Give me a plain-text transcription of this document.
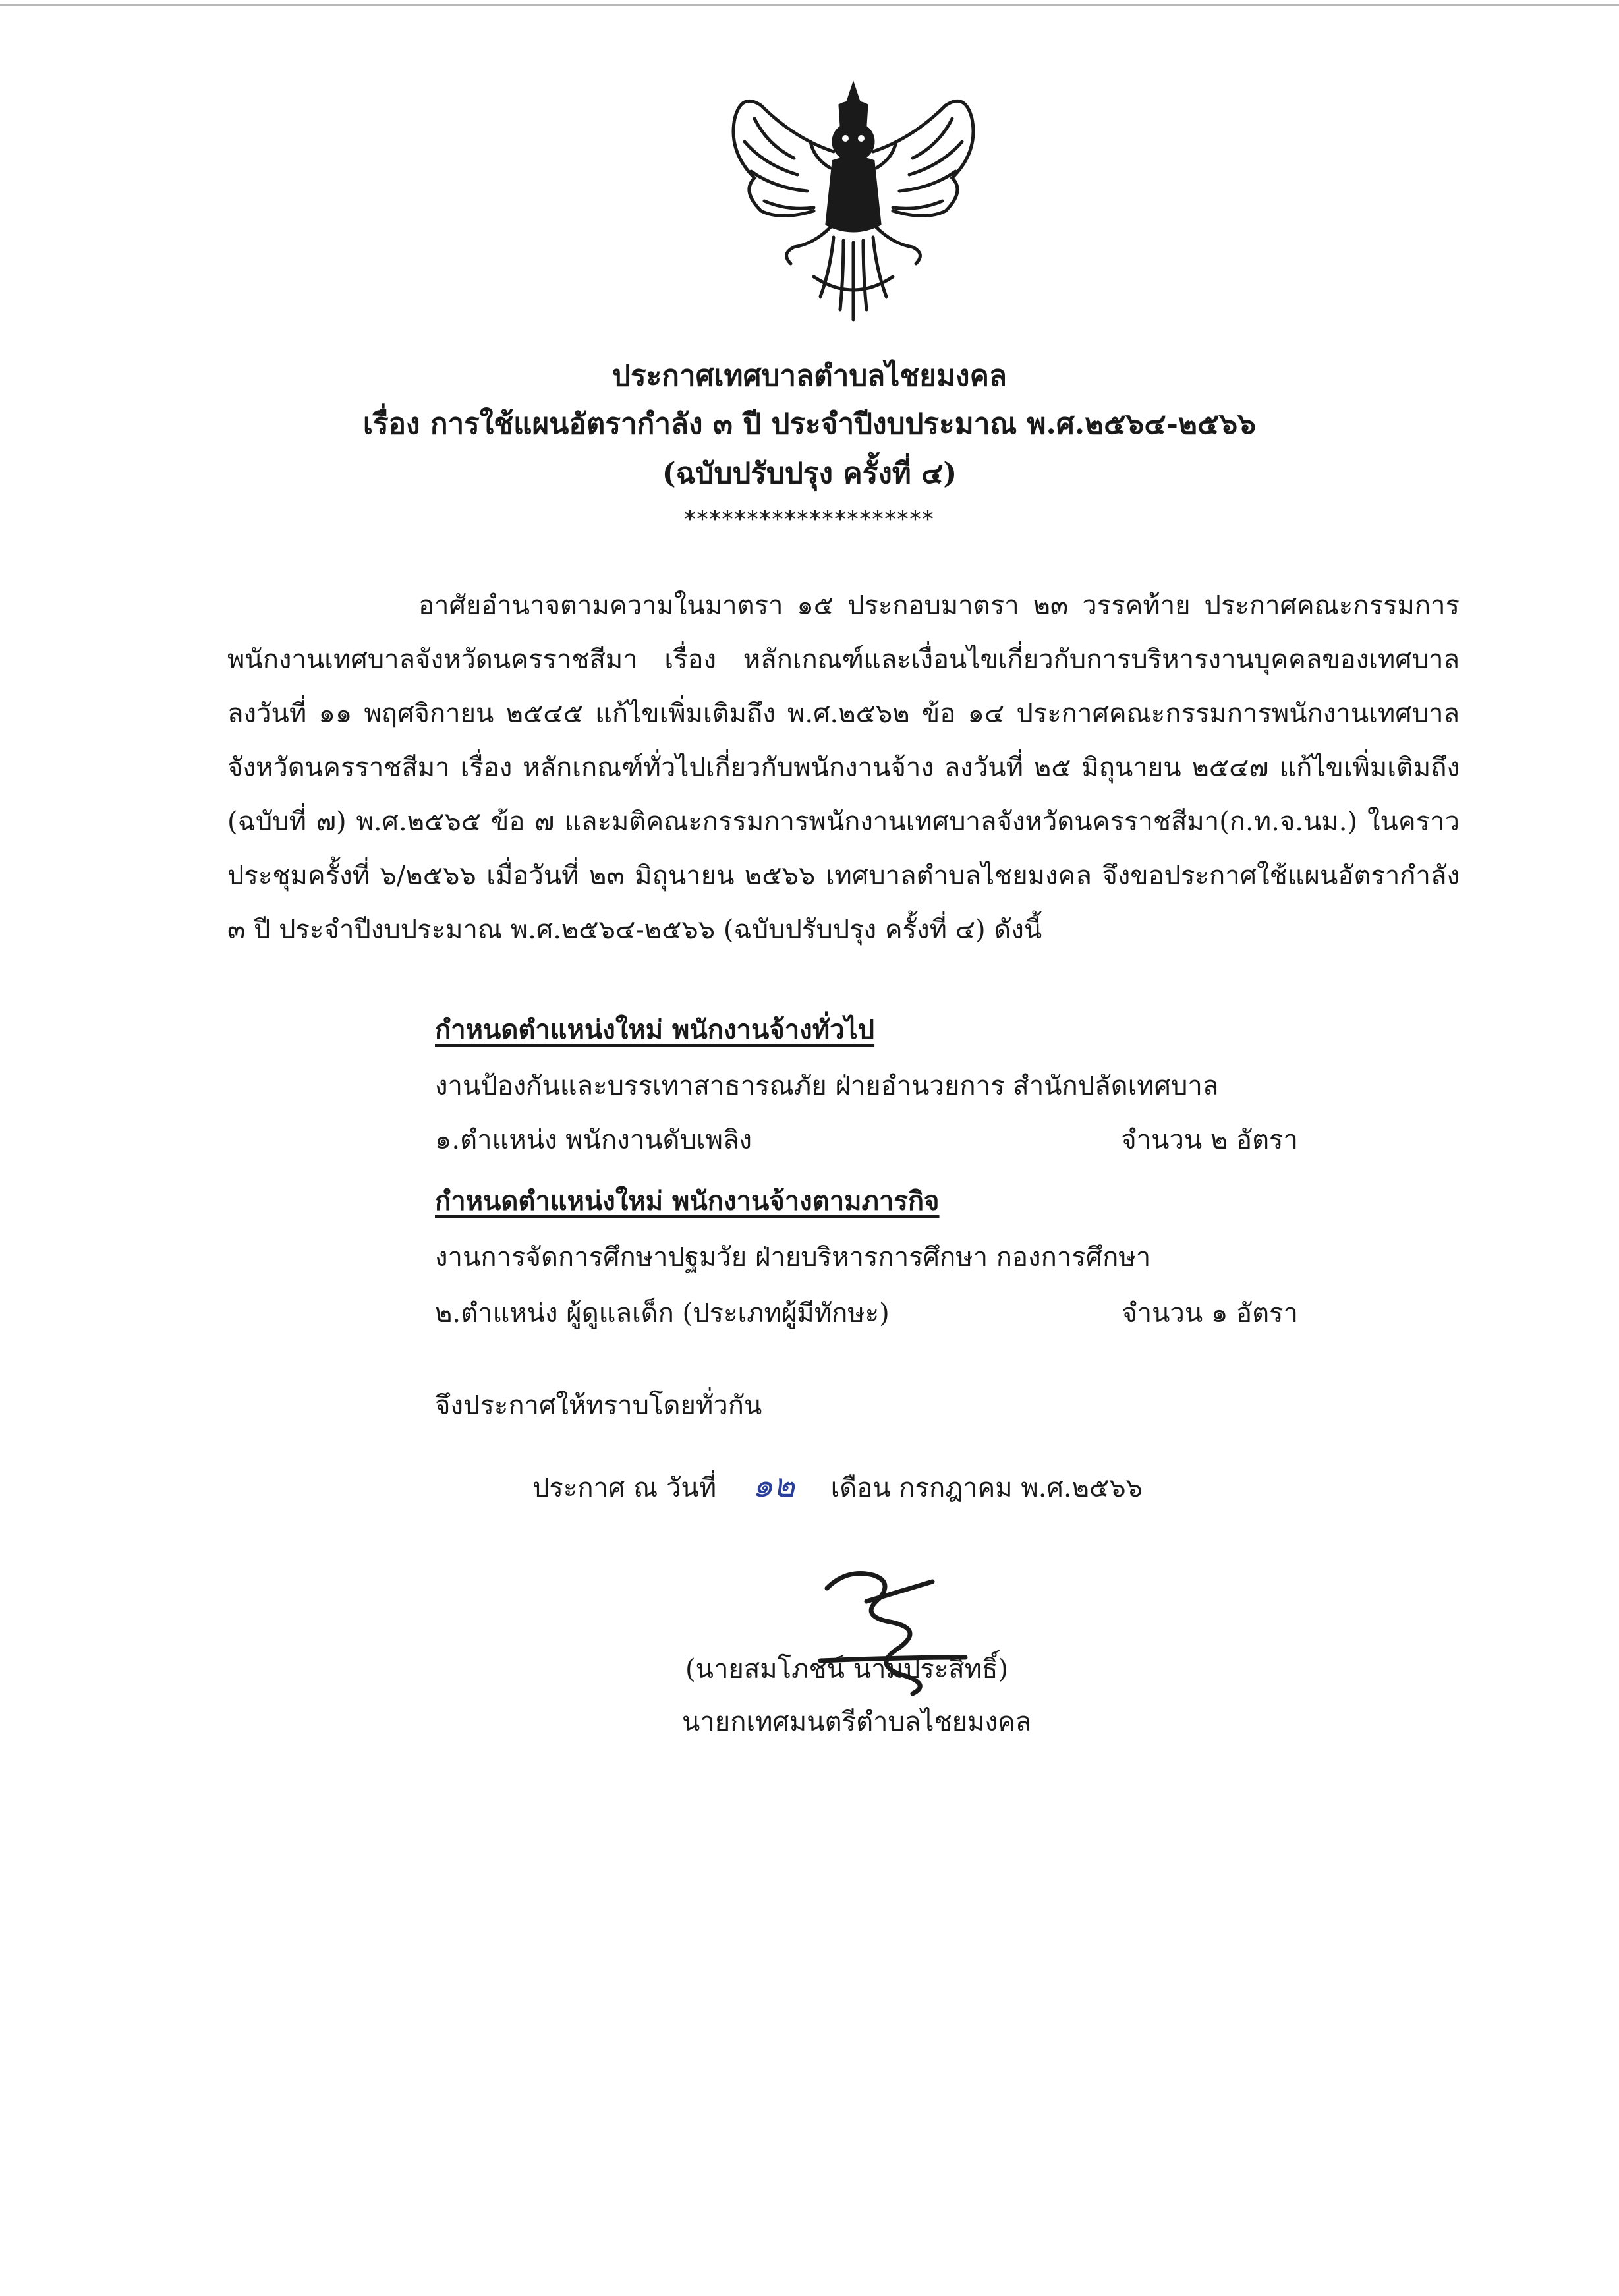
ประกาศเทศบาลตำบลไชยมงคล
เรื่อง การใช้แผนอัตรากำลัง ๓ ปี ประจำปีงบประมาณ พ.ศ.๒๕๖๔-๒๕๖๖
(ฉบับปรับปรุง ครั้งที่ ๔)
********************
อาศัยอำนาจตามความในมาตรา ๑๕ ประกอบมาตรา ๒๓ วรรคท้าย ประกาศคณะกรรมการพนักงานเทศบาลจังหวัดนครราชสีมา เรื่อง หลักเกณฑ์และเงื่อนไขเกี่ยวกับการบริหารงานบุคคลของเทศบาล ลงวันที่ ๑๑ พฤศจิกายน ๒๕๔๕ แก้ไขเพิ่มเติมถึง พ.ศ.๒๕๖๒ ข้อ ๑๔ ประกาศคณะกรรมการพนักงานเทศบาลจังหวัดนครราชสีมา เรื่อง หลักเกณฑ์ทั่วไปเกี่ยวกับพนักงานจ้าง ลงวันที่ ๒๕ มิถุนายน ๒๕๔๗ แก้ไขเพิ่มเติมถึง (ฉบับที่ ๗) พ.ศ.๒๕๖๕ ข้อ ๗ และมติคณะกรรมการพนักงานเทศบาลจังหวัดนครราชสีมา(ก.ท.จ.นม.) ในคราวประชุมครั้งที่ ๖/๒๕๖๖ เมื่อวันที่ ๒๓ มิถุนายน ๒๕๖๖ เทศบาลตำบลไชยมงคล จึงขอประกาศใช้แผนอัตรากำลัง ๓ ปี ประจำปีงบประมาณ พ.ศ.๒๕๖๔-๒๕๖๖ (ฉบับปรับปรุง ครั้งที่ ๔) ดังนี้
กำหนดตำแหน่งใหม่ พนักงานจ้างทั่วไป
งานป้องกันและบรรเทาสาธารณภัย ฝ่ายอำนวยการ สำนักปลัดเทศบาล
๑.ตำแหน่ง พนักงานดับเพลิง	จำนวน ๒ อัตรา
กำหนดตำแหน่งใหม่ พนักงานจ้างตามภารกิจ
งานการจัดการศึกษาปฐมวัย ฝ่ายบริหารการศึกษา กองการศึกษา
๒.ตำแหน่ง ผู้ดูแลเด็ก (ประเภทผู้มีทักษะ)	จำนวน ๑ อัตรา
จึงประกาศให้ทราบโดยทั่วกัน
ประกาศ ณ วันที่ ๑๒ เดือน กรกฎาคม พ.ศ.๒๕๖๖
(นายสมโภชน์ นามประสิทธิ์)
นายกเทศมนตรีตำบลไชยมงคล
